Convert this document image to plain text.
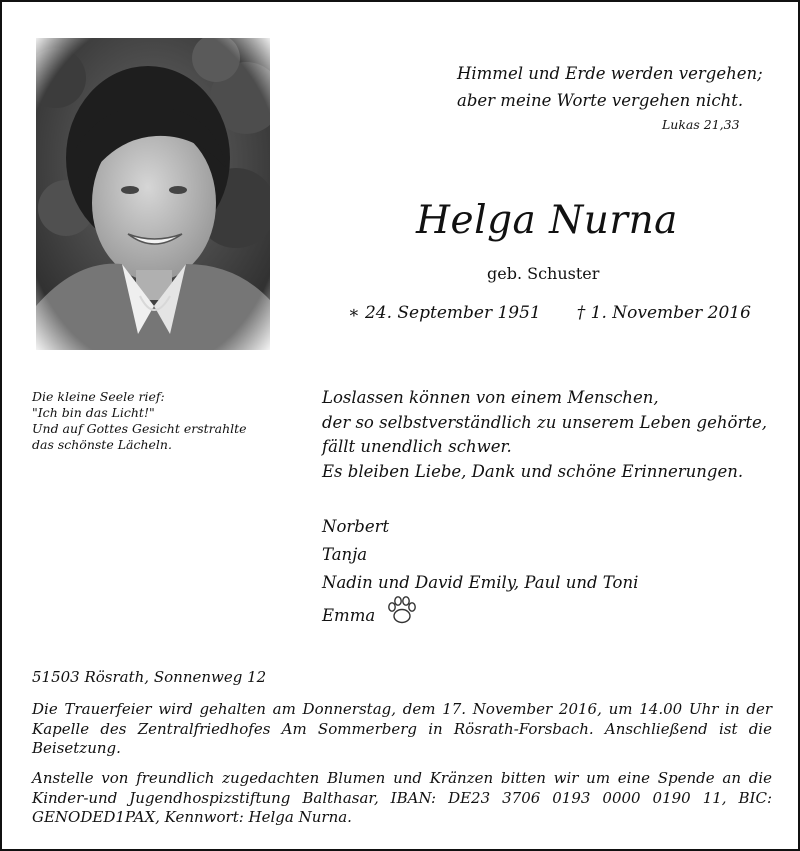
Himmel und Erde werden vergehen;
aber meine Worte vergehen nicht.
Lukas 21,33
Helga Nurna
geb. Schuster
∗ 24. September 1951 † 1. November 2016
Die kleine Seele rief:
"Ich bin das Licht!"
Und auf Gottes Gesicht erstrahlte
das schönste Lächeln.
Loslassen können von einem Menschen,
der so selbstverständlich zu unserem Leben gehörte,
fällt unendlich schwer.
Es bleiben Liebe, Dank und schöne Erinnerungen.
Norbert
Tanja
Nadin und David Emily, Paul und Toni
Emma
51503 Rösrath, Sonnenweg 12
Die Trauerfeier wird gehalten am Donnerstag, dem 17. November 2016, um 14.00 Uhr in der Kapelle des Zentralfriedhofes Am Sommerberg in Rösrath-Forsbach. Anschließend ist die Beisetzung.
Anstelle von freundlich zugedachten Blumen und Kränzen bitten wir um eine Spende an die Kinder-und Jugendhospizstiftung Balthasar, IBAN: DE23 3706 0193 0000 0190 11, BIC: GENODED1PAX, Kennwort: Helga Nurna.
